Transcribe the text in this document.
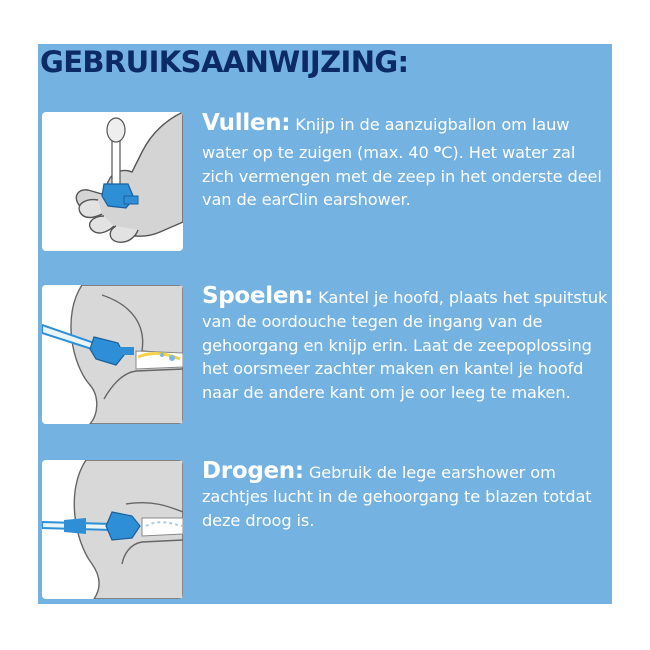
GEBRUIKSAANWIJZING:

Vullen: Knijp in de aanzuigballon om lauw water op te zuigen (max. 40 $^o$C). Het water zal zich vermengen met de zeep in het onderste deel van de earClin earshower.

Spoelen: Kantel je hoofd, plaats het spuitstuk van de oordouche tegen de ingang van de gehoorgang en knijp erin. Laat de zeepoplossing het oorsmeer zachter maken en kantel je hoofd naar de andere kant om je oor leeg te maken.

Drogen: Gebruik de lege earshower om zachtjes lucht in de gehoorgang te blazen totdat deze droog is.
